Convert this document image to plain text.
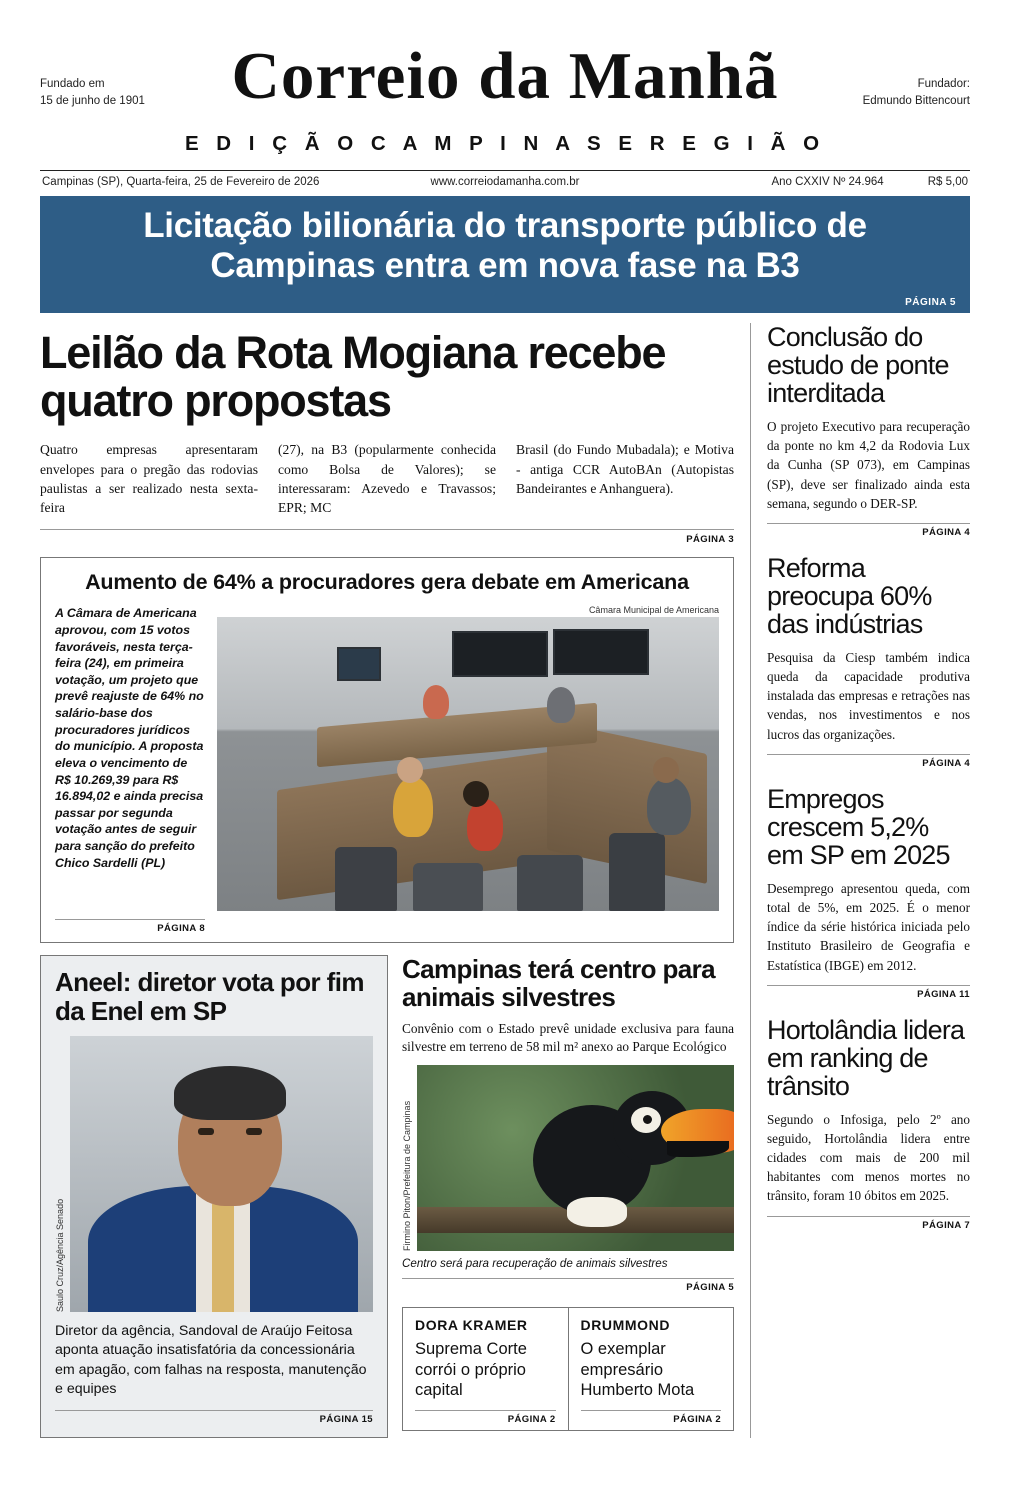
Fundado em
15 de junho de 1901	Correio da Manhã	Fundador:
Edmundo Bittencourt
E D I Ç Ã O C A M P I N A S E R E G I Ã O
Campinas (SP), Quarta-feira, 25 de Fevereiro de 2026	www.correiodamanha.com.br	Ano CXXIV Nº 24.964	R$ 5,00
Licitação bilionária do transporte público de Campinas entra em nova fase na B3
PÁGINA 5
Leilão da Rota Mogiana recebe quatro propostas

Quatro empresas apresentaram envelopes para o pregão das rodovias paulistas a ser realizado nesta sexta-feira

(27), na B3 (popularmente conhecida como Bolsa de Valores); se interessaram: Azevedo e Travassos; EPR; MC

Brasil (do Fundo Mubadala); e Motiva - antiga CCR AutoBAn (Autopistas Bandeirantes e Anhanguera).

PÁGINA 3
Aumento de 64% a procuradores gera debate em Americana
A Câmara de Americana aprovou, com 15 votos favoráveis, nesta terça-feira (24), em primeira votação, um projeto que prevê reajuste de 64% no salário-base dos procuradores jurídicos do município. A proposta eleva o vencimento de R$ 10.269,39 para R$ 16.894,02 e ainda precisa passar por segunda votação antes de seguir para sanção do prefeito Chico Sardelli (PL)
Câmara Municipal de Americana
PÁGINA 8
Aneel: diretor vota por fim da Enel em SP
Saulo Cruz/Agência Senado

Diretor da agência, Sandoval de Araújo Feitosa aponta atuação insatisfatória da concessionária em apagão, com falhas na resposta, manutenção e equipes

PÁGINA 15
Campinas terá centro para animais silvestres

Convênio com o Estado prevê unidade exclusiva para fauna silvestre em terreno de 58 mil m² anexo ao Parque Ecológico

Firmino Piton/Prefeitura de Campinas
Centro será para recuperação de animais silvestres
PÁGINA 5
DORA KRAMER

Suprema Corte corrói o próprio capital

PÁGINA 2
DRUMMOND

O exemplar empresário Humberto Mota

PÁGINA 2
Conclusão do estudo de ponte interditada

O projeto Executivo para recuperação da ponte no km 4,2 da Rodovia Lux da Cunha (SP 073), em Campinas (SP), deve ser finalizado ainda esta semana, segundo o DER-SP.

PÁGINA 4
Reforma preocupa 60% das indústrias

Pesquisa da Ciesp também indica queda da capacidade produtiva instalada das empresas e retrações nas vendas, nos investimentos e nos lucros das organizações.

PÁGINA 4
Empregos crescem 5,2% em SP em 2025

Desemprego apresentou queda, com total de 5%, em 2025. É o menor índice da série histórica iniciada pelo Instituto Brasileiro de Geografia e Estatística (IBGE) em 2012.

PÁGINA 11
Hortolândia lidera em ranking de trânsito

Segundo o Infosiga, pelo 2º ano seguido, Hortolândia lidera entre cidades com mais de 200 mil habitantes com menos mortes no trânsito, foram 10 óbitos em 2025.

PÁGINA 7
